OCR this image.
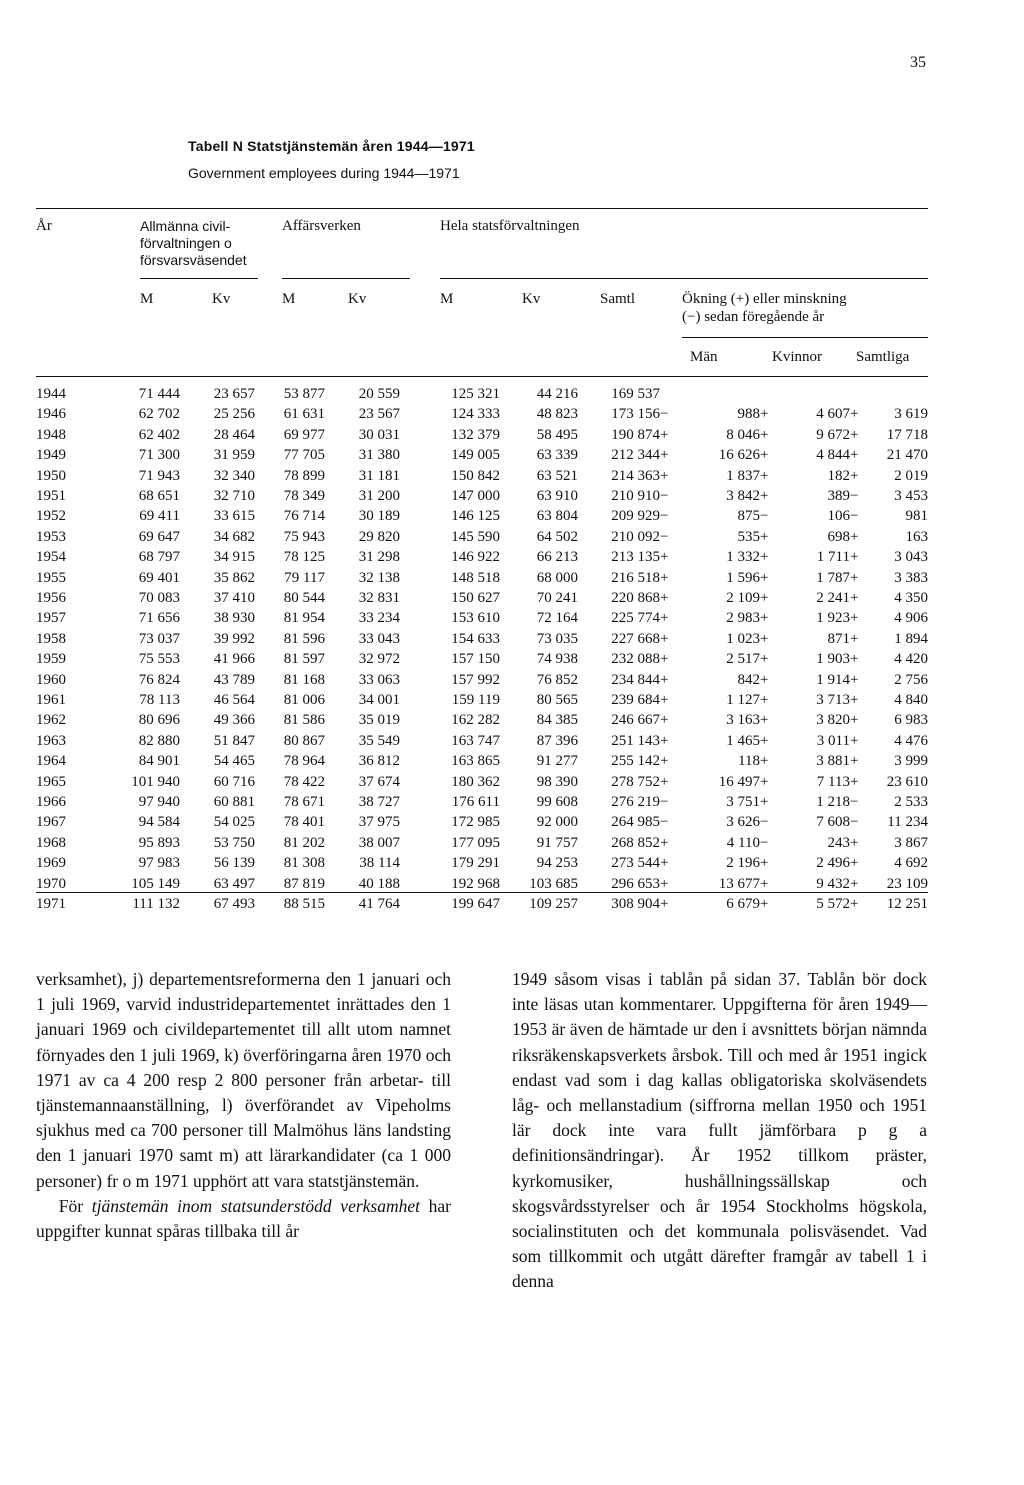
35
Tabell N Statstjänstemän åren 1944—1971
Government employees during 1944—1971
År	Allmänna civil-
förvaltningen o
försvarsväsendet
Affärsverken	Hela statsförvaltningen
M	Kv	M	Kv	M	Kv	Samtl	Ökning (+) eller minskning
(−) sedan föregående år
Män	Kvinnor Samtliga
1944	71 444	23 657	53 877	20 559	125 321	44 216	169 537
1946	62 702	25 256	61 631	23 567	124 333	48 823	173 156 −	988 +	4 607 + 3 619
1948	62 402	28 464	69 977	30 031	132 379	58 495	190 874 +	8 046 +	9 672 + 17 718
1949	71 300	31 959	77 705	31 380	149 005	63 339	212 344 +	16 626 +	4 844 + 21 470
1950	71 943	32 340	78 899	31 181	150 842	63 521	214 363 +	1 837 +	182 + 2 019
1951	68 651	32 710	78 349	31 200	147 000	63 910	210 910 −	3 842 +	389 − 3 453
1952	69 411	33 615	76 714	30 189	146 125	63 804	209 929 −	875 −	106 −	981
1953	69 647	34 682	75 943	29 820	145 590	64 502	210 092 −	535 +	698 +	163
1954	68 797	34 915	78 125	31 298	146 922	66 213	213 135 +	1 332 +	1 711 + 3 043
1955	69 401	35 862	79 117	32 138	148 518	68 000	216 518 +	1 596 +	1 787 + 3 383
1956	70 083	37 410	80 544	32 831	150 627	70 241	220 868 +	2 109 +	2 241 + 4 350
1957	71 656	38 930	81 954	33 234	153 610	72 164	225 774 +	2 983 +	1 923 + 4 906
1958	73 037	39 992	81 596	33 043	154 633	73 035	227 668 +	1 023 +	871 + 1 894
1959	75 553	41 966	81 597	32 972	157 150	74 938	232 088 +	2 517 +	1 903 + 4 420
1960	76 824	43 789	81 168	33 063	157 992	76 852	234 844 +	842 +	1 914 + 2 756
1961	78 113	46 564	81 006	34 001	159 119	80 565	239 684 +	1 127 +	3 713 + 4 840
1962	80 696	49 366	81 586	35 019	162 282	84 385	246 667 +	3 163 +	3 820 + 6 983
1963	82 880	51 847	80 867	35 549	163 747	87 396	251 143 +	1 465 +	3 011 + 4 476
1964	84 901	54 465	78 964	36 812	163 865	91 277	255 142 +	118 +	3 881 + 3 999
1965	101 940	60 716	78 422	37 674	180 362	98 390	278 752 +	16 497 +	7 113 + 23 610
1966	97 940	60 881	78 671	38 727	176 611	99 608	276 219 −	3 751 +	1 218 − 2 533
1967	94 584	54 025	78 401	37 975	172 985	92 000	264 985 −	3 626 −	7 608 − 11 234
1968	95 893	53 750	81 202	38 007	177 095	91 757	268 852 +	4 110 −	243 + 3 867
1969	97 983	56 139	81 308	38 114	179 291	94 253	273 544 +	2 196 +	2 496 + 4 692
1970	105 149	63 497	87 819	40 188	192 968	103 685	296 653 +	13 677 +	9 432 + 23 109
1971	111 132	67 493	88 515	41 764	199 647	109 257	308 904 +	6 679 +	5 572 + 12 251

verksamhet), j) departementsreformerna den 1 januari och 1 juli 1969, varvid industridepartementet inrättades den 1 januari 1969 och civildepartementet till allt utom namnet förnyades den 1 juli 1969, k) överföringarna åren 1970 och 1971 av ca 4 200 resp 2 800 personer från arbetar- till tjänstemannaanställning, l) överförandet av Vipeholms sjukhus med ca 700 personer till Malmöhus läns landsting den 1 januari 1970 samt m) att lärarkandidater (ca 1 000 personer) fr o m 1971 upphört att vara statstjänstemän.

För tjänstemän inom statsunderstödd verksamhet har uppgifter kunnat spåras tillbaka till år

1949 såsom visas i tablån på sidan 37. Tablån bör dock inte läsas utan kommentarer. Uppgifterna för åren 1949—1953 är även de hämtade ur den i avsnittets början nämnda riksräkenskapsverkets årsbok. Till och med år 1951 ingick endast vad som i dag kallas obligatoriska skolväsendets låg- och mellanstadium (siffrorna mellan 1950 och 1951 lär dock inte vara fullt jämförbara p g a definitionsändringar). År 1952 tillkom präster, kyrkomusiker, hushållningssällskap och skogsvårdsstyrelser och år 1954 Stockholms högskola, socialinstituten och det kommunala polisväsendet. Vad som tillkommit och utgått därefter framgår av tabell 1 i denna
